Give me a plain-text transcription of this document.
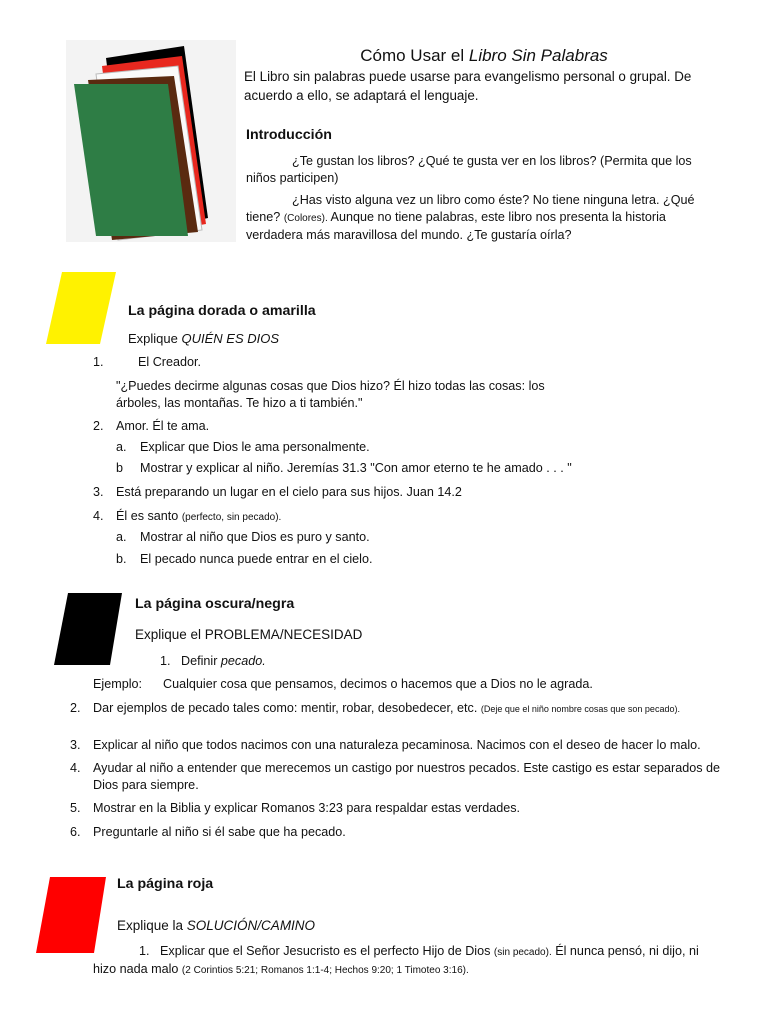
Cómo Usar el Libro Sin Palabras
El Libro sin palabras puede usarse para evangelismo personal o grupal. De acuerdo a ello, se adaptará el lenguaje.
Introducción
¿Te gustan los libros? ¿Qué te gusta ver en los libros? (Permita que los niños participen)
¿Has visto alguna vez un libro como éste? No tiene ninguna letra. ¿Qué tiene? (Colores). Aunque no tiene palabras, este libro nos presenta la historia verdadera más maravillosa del mundo. ¿Te gustaría oírla?
La página dorada o amarilla
Explique QUIÉN ES DIOS
1.	El Creador.
"¿Puedes decirme algunas cosas que Dios hizo? Él hizo todas las cosas: los árboles, las montañas. Te hizo a ti también."
2. Amor. Él te ama.
a. Explicar que Dios le ama personalmente.
b Mostrar y explicar al niño. Jeremías 31.3 "Con amor eterno te he amado . . . "
3. Está preparando un lugar en el cielo para sus hijos. Juan 14.2
4. Él es santo (perfecto, sin pecado).
a. Mostrar al niño que Dios es puro y santo.
b. El pecado nunca puede entrar en el cielo.
La página oscura/negra
Explique el PROBLEMA/NECESIDAD
1. Definir pecado.
Ejemplo: Cualquier cosa que pensamos, decimos o hacemos que a Dios no le agrada.
2. Dar ejemplos de pecado tales como: mentir, robar, desobedecer, etc. (Deje que el niño nombre cosas que son pecado).
3. Explicar al niño que todos nacimos con una naturaleza pecaminosa. Nacimos con el deseo de hacer lo malo.
4. Ayudar al niño a entender que merecemos un castigo por nuestros pecados. Este castigo es estar separados de Dios para siempre.
5. Mostrar en la Biblia y explicar Romanos 3:23 para respaldar estas verdades.
6. Preguntarle al niño si él sabe que ha pecado.
La página roja
Explique la SOLUCIÓN/CAMINO
1. Explicar que el Señor Jesucristo es el perfecto Hijo de Dios (sin pecado). Él nunca pensó, ni dijo, ni hizo nada malo (2 Corintios 5:21; Romanos 1:1-4; Hechos 9:20; 1 Timoteo 3:16).
